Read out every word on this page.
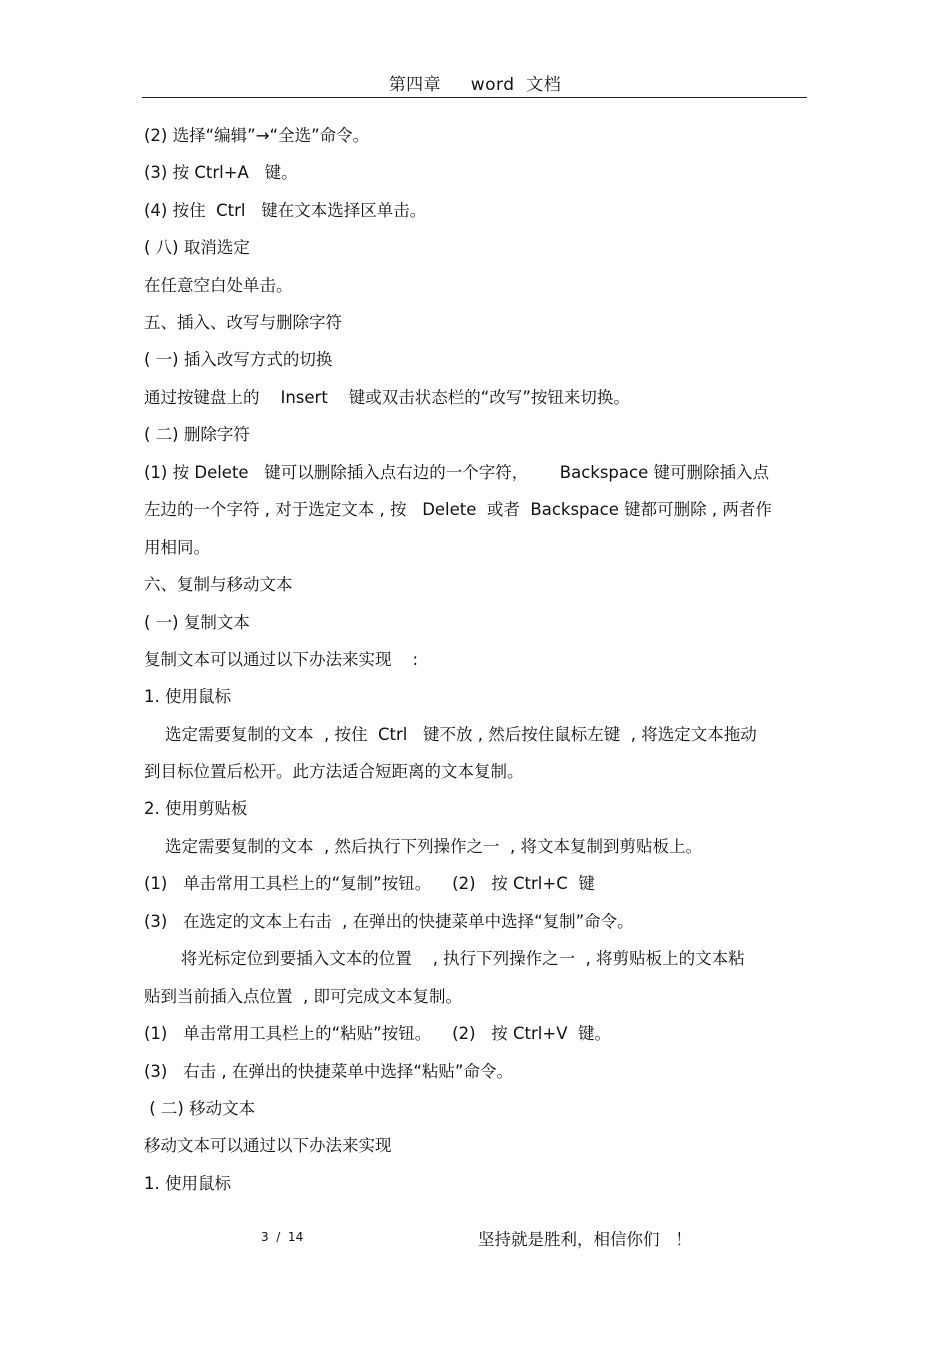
第四章     word  文档
(2) 选择“编辑”→“全选”命令。
(3) 按 Ctrl+A   键。
(4) 按住  Ctrl   键在文本选择区单击。
( 八) 取消选定
在任意空白处单击。
五、插入、改写与删除字符
( 一) 插入改写方式的切换
通过按键盘上的    Insert    键或双击状态栏的“改写”按钮来切换。
( 二) 删除字符
(1) 按 Delete   键可以删除插入点右边的一个字符，      Backspace 键可删除插入点
左边的一个字符 , 对于选定文本 , 按   Delete  或者  Backspace 键都可删除 , 两者作
用相同。
六、复制与移动文本
( 一) 复制文本
复制文本可以通过以下办法来实现    :
1. 使用鼠标
选定需要复制的文本  , 按住  Ctrl   键不放 , 然后按住鼠标左键  , 将选定文本拖动
到目标位置后松开。此方法适合短距离的文本复制。
2. 使用剪贴板
选定需要复制的文本  , 然后执行下列操作之一  , 将文本复制到剪贴板上。
(1)   单击常用工具栏上的“复制”按钮。    (2)   按 Ctrl+C  键
(3)   在选定的文本上右击  , 在弹出的快捷菜单中选择“复制”命令。
将光标定位到要插入文本的位置    , 执行下列操作之一  , 将剪贴板上的文本粘
贴到当前插入点位置  , 即可完成文本复制。
(1)   单击常用工具栏上的“粘贴”按钮。    (2)   按 Ctrl+V  键。
(3)   右击 , 在弹出的快捷菜单中选择“粘贴”命令。
( 二) 移动文本
移动文本可以通过以下办法来实现
1. 使用鼠标
3  /  14	坚持就是胜利，相信你们   ！
